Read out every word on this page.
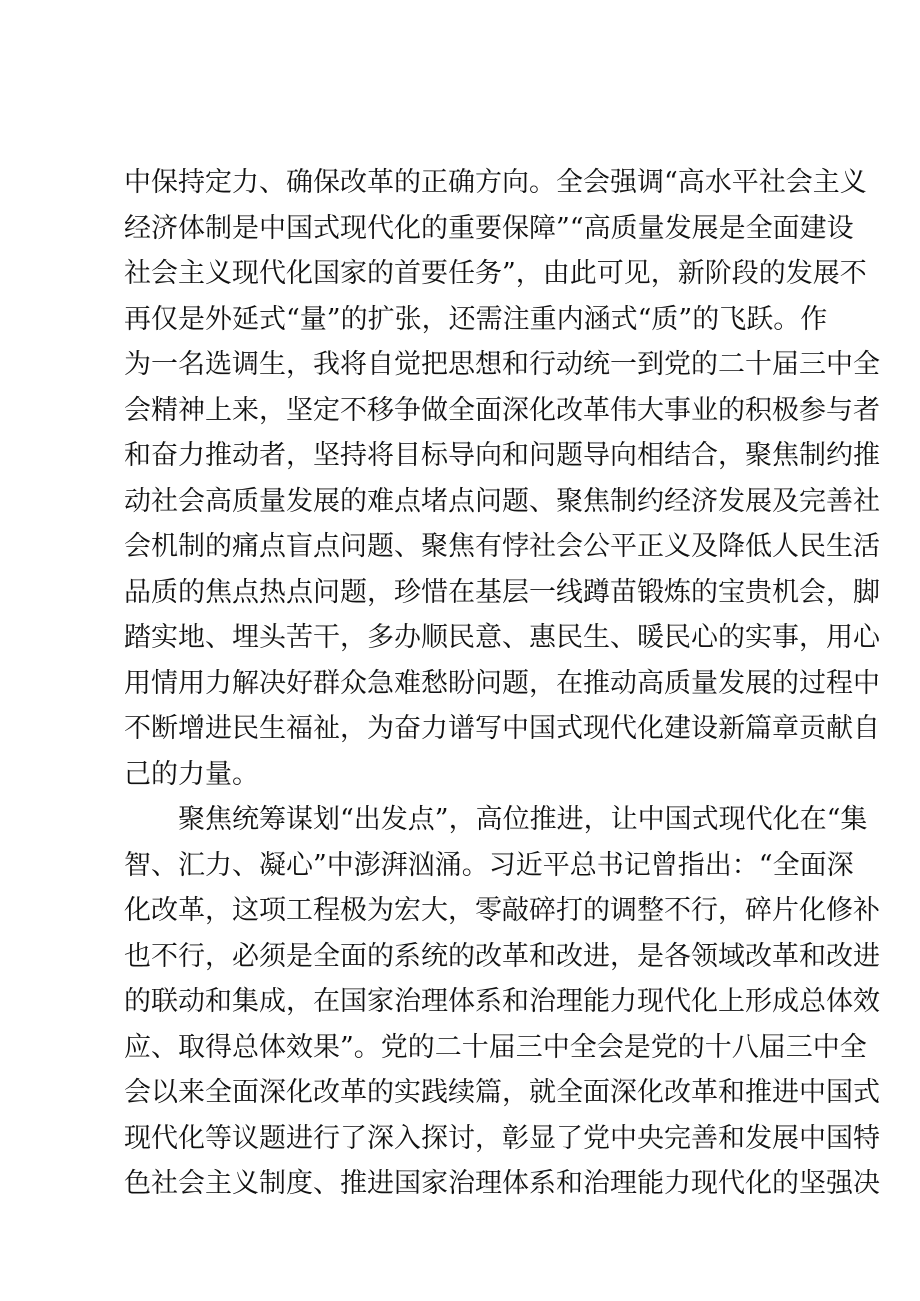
中保持定力、确保改革的正确方向。全会强调“高水平社会主义
经济体制是中国式现代化的重要保障”“高质量发展是全面建设
社会主义现代化国家的首要任务”，由此可见，新阶段的发展不
再仅是外延式“量”的扩张，还需注重内涵式“质”的飞跃。作
为一名选调生，我将自觉把思想和行动统一到党的二十届三中全
会精神上来，坚定不移争做全面深化改革伟大事业的积极参与者
和奋力推动者，坚持将目标导向和问题导向相结合，聚焦制约推
动社会高质量发展的难点堵点问题、聚焦制约经济发展及完善社
会机制的痛点盲点问题、聚焦有悖社会公平正义及降低人民生活
品质的焦点热点问题，珍惜在基层一线蹲苗锻炼的宝贵机会，脚
踏实地、埋头苦干，多办顺民意、惠民生、暖民心的实事，用心
用情用力解决好群众急难愁盼问题，在推动高质量发展的过程中
不断增进民生福祉，为奋力谱写中国式现代化建设新篇章贡献自
己的力量。
聚焦统筹谋划“出发点”，高位推进，让中国式现代化在“集
智、汇力、凝心”中澎湃汹涌。习近平总书记曾指出：“全面深
化改革，这项工程极为宏大，零敲碎打的调整不行，碎片化修补
也不行，必须是全面的系统的改革和改进，是各领域改革和改进
的联动和集成，在国家治理体系和治理能力现代化上形成总体效
应、取得总体效果”。党的二十届三中全会是党的十八届三中全
会以来全面深化改革的实践续篇，就全面深化改革和推进中国式
现代化等议题进行了深入探讨，彰显了党中央完善和发展中国特
色社会主义制度、推进国家治理体系和治理能力现代化的坚强决
